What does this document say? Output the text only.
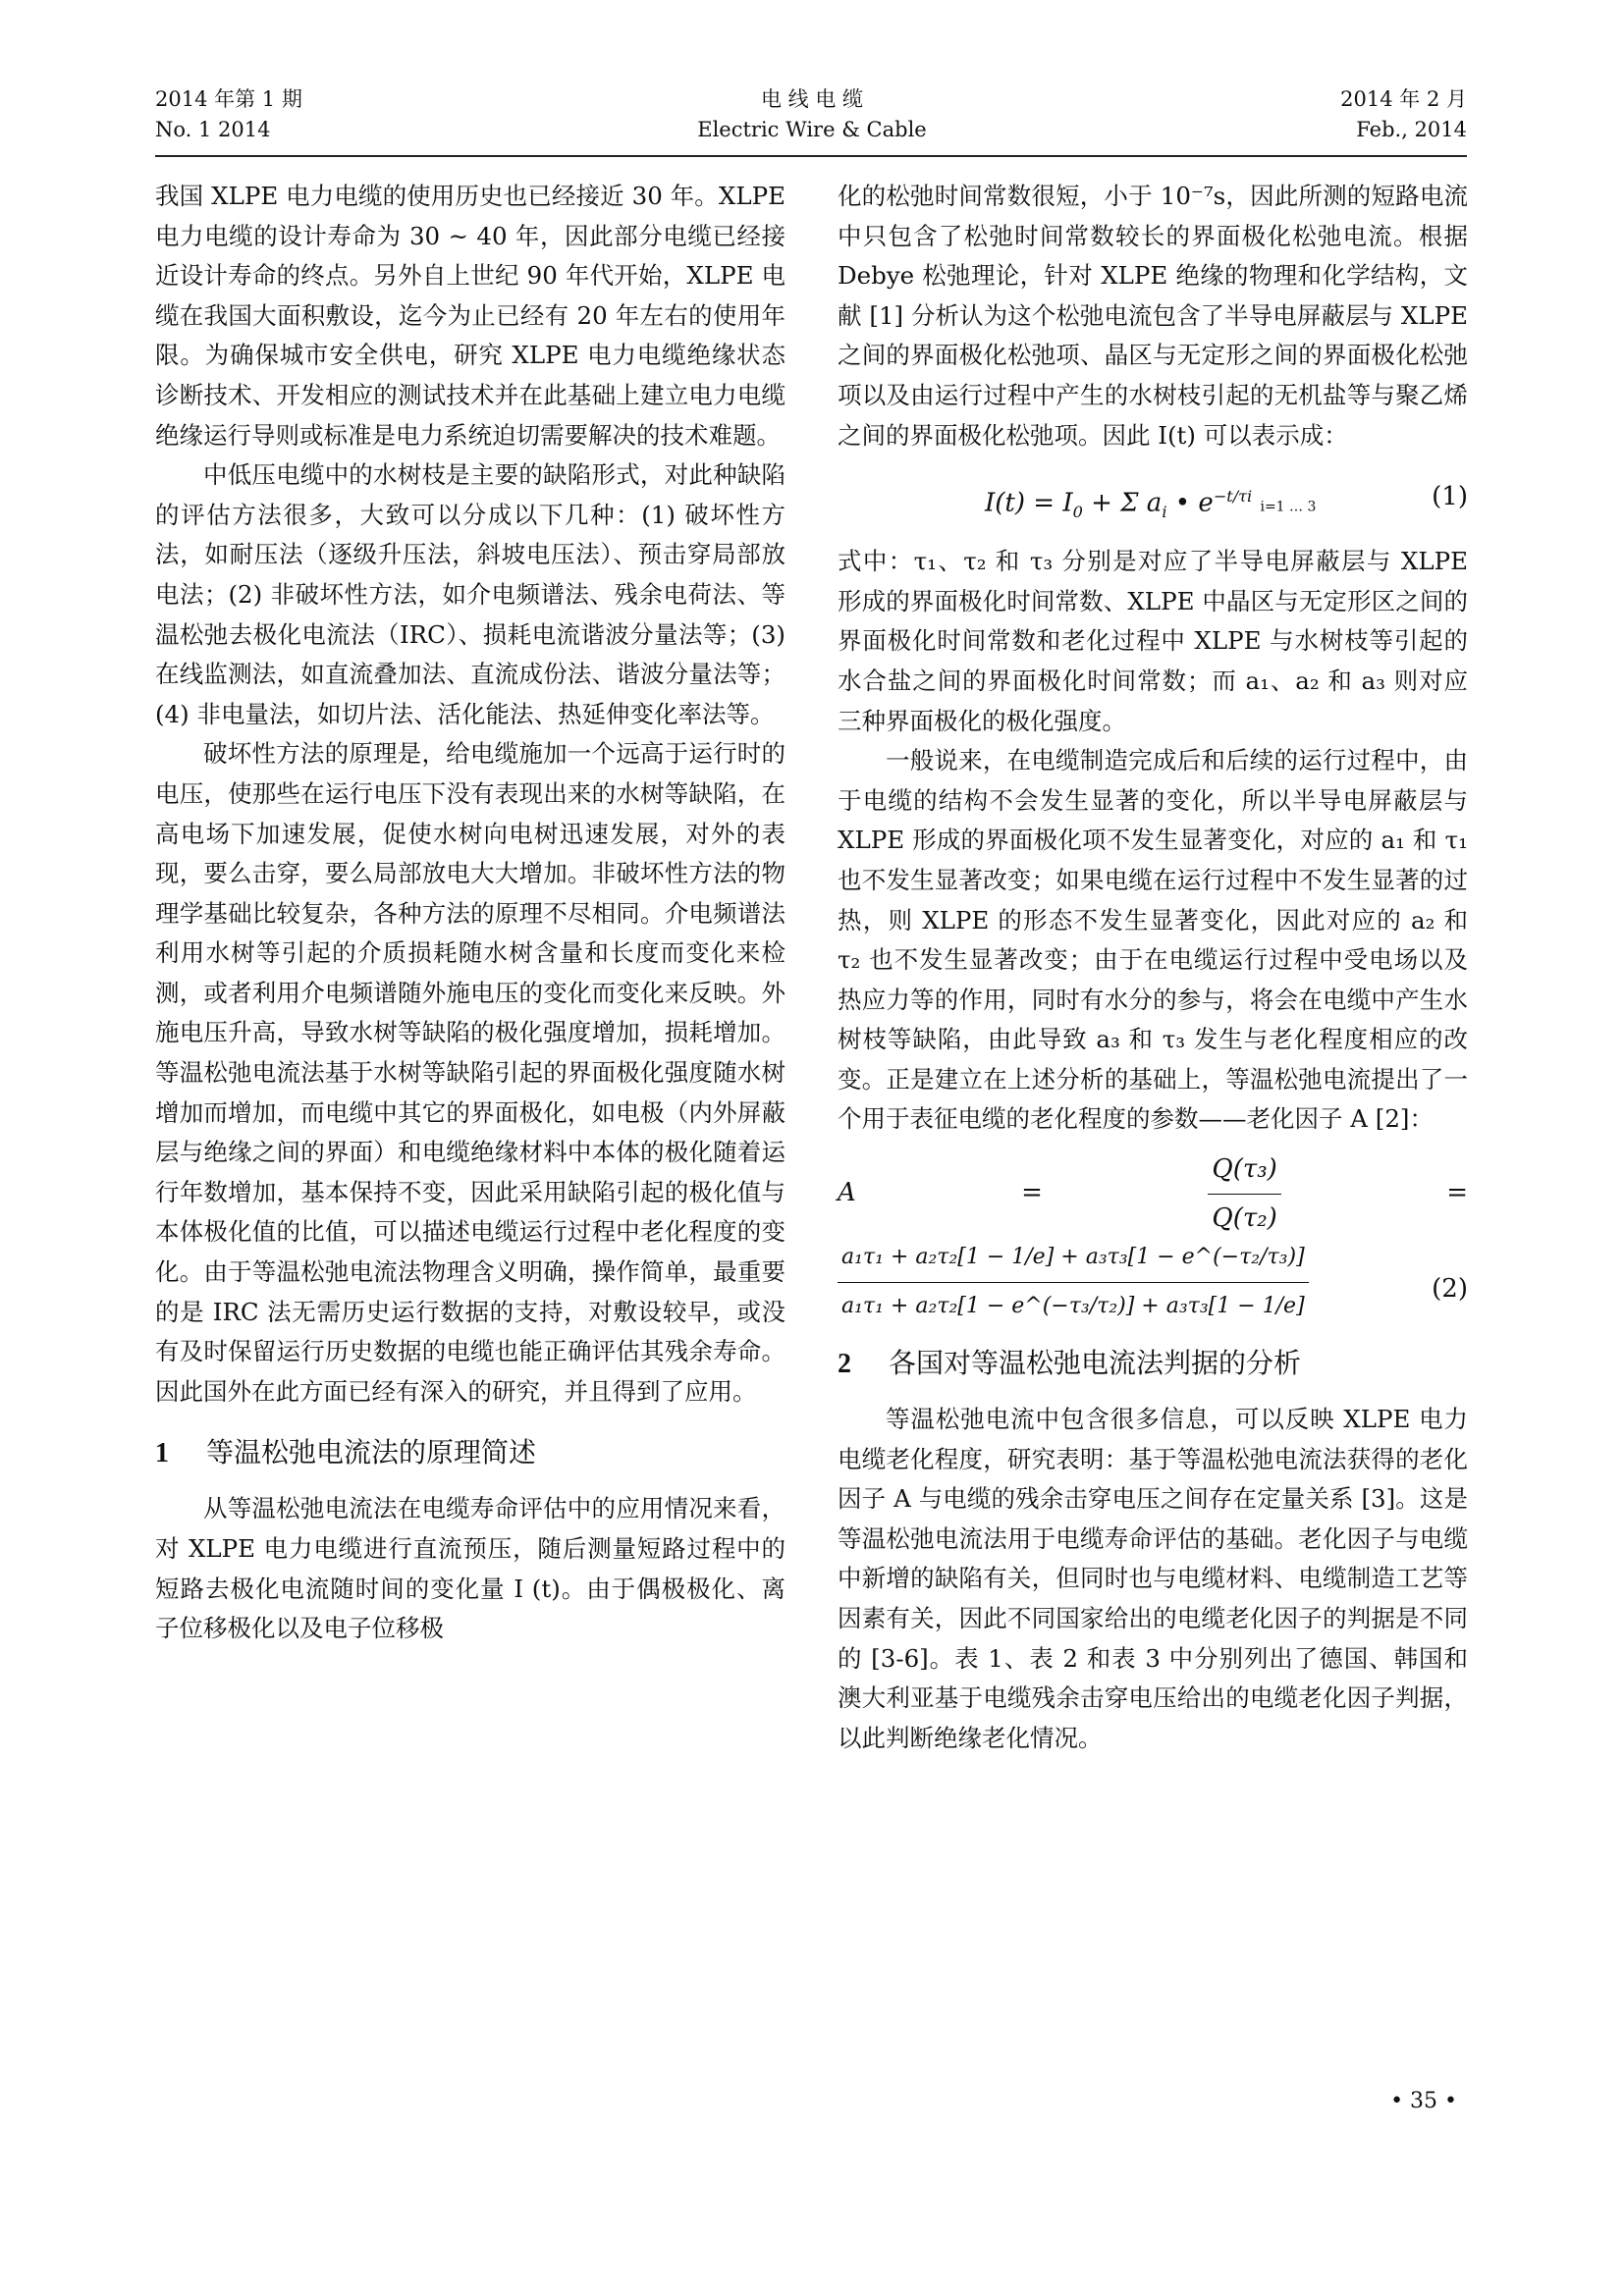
2014 年第 1 期
No. 1 2014
电 线 电 缆
Electric Wire & Cable
2014 年 2 月
Feb., 2014

我国 XLPE 电力电缆的使用历史也已经接近 30 年。XLPE 电力电缆的设计寿命为 30 ~ 40 年，因此部分电缆已经接近设计寿命的终点。另外自上世纪 90 年代开始，XLPE 电缆在我国大面积敷设，迄今为止已经有 20 年左右的使用年限。为确保城市安全供电，研究 XLPE 电力电缆绝缘状态诊断技术、开发相应的测试技术并在此基础上建立电力电缆绝缘运行导则或标准是电力系统迫切需要解决的技术难题。

中低压电缆中的水树枝是主要的缺陷形式，对此种缺陷的评估方法很多，大致可以分成以下几种：(1) 破坏性方法，如耐压法（逐级升压法，斜坡电压法）、预击穿局部放电法；(2) 非破坏性方法，如介电频谱法、残余电荷法、等温松弛去极化电流法（IRC）、损耗电流谐波分量法等；(3) 在线监测法，如直流叠加法、直流成份法、谐波分量法等；(4) 非电量法，如切片法、活化能法、热延伸变化率法等。

破坏性方法的原理是，给电缆施加一个远高于运行时的电压，使那些在运行电压下没有表现出来的水树等缺陷，在高电场下加速发展，促使水树向电树迅速发展，对外的表现，要么击穿，要么局部放电大大增加。非破坏性方法的物理学基础比较复杂，各种方法的原理不尽相同。介电频谱法利用水树等引起的介质损耗随水树含量和长度而变化来检测，或者利用介电频谱随外施电压的变化而变化来反映。外施电压升高，导致水树等缺陷的极化强度增加，损耗增加。等温松弛电流法基于水树等缺陷引起的界面极化强度随水树增加而增加，而电缆中其它的界面极化，如电极（内外屏蔽层与绝缘之间的界面）和电缆绝缘材料中本体的极化随着运行年数增加，基本保持不变，因此采用缺陷引起的极化值与本体极化值的比值，可以描述电缆运行过程中老化程度的变化。由于等温松弛电流法物理含义明确，操作简单，最重要的是 IRC 法无需历史运行数据的支持，对敷设较早，或没有及时保留运行历史数据的电缆也能正确评估其残余寿命。因此国外在此方面已经有深入的研究，并且得到了应用。

1 等温松弛电流法的原理简述

从等温松弛电流法在电缆寿命评估中的应用情况来看，对 XLPE 电力电缆进行直流预压，随后测量短路过程中的短路去极化电流随时间的变化量 I (t)。由于偶极极化、离子位移极化以及电子位移极

化的松弛时间常数很短，小于 10⁻⁷s，因此所测的短路电流中只包含了松弛时间常数较长的界面极化松弛电流。根据 Debye 松弛理论，针对 XLPE 绝缘的物理和化学结构，文献 [1] 分析认为这个松弛电流包含了半导电屏蔽层与 XLPE 之间的界面极化松弛项、晶区与无定形之间的界面极化松弛项以及由运行过程中产生的水树枝引起的无机盐等与聚乙烯之间的界面极化松弛项。因此 I(t) 可以表示成：

$I(t) = I_0 + \Sigma$ $a_i$ • $e^{-t/\tau i}$ i=1 … 3	(1)

式中：τ₁、τ₂ 和 τ₃ 分别是对应了半导电屏蔽层与 XLPE 形成的界面极化时间常数、XLPE 中晶区与无定形区之间的界面极化时间常数和老化过程中 XLPE 与水树枝等引起的水合盐之间的界面极化时间常数；而 a₁、a₂ 和 a₃ 则对应三种界面极化的极化强度。

一般说来，在电缆制造完成后和后续的运行过程中，由于电缆的结构不会发生显著的变化，所以半导电屏蔽层与 XLPE 形成的界面极化项不发生显著变化，对应的 a₁ 和 τ₁ 也不发生显著改变；如果电缆在运行过程中不发生显著的过热，则 XLPE 的形态不发生显著变化，因此对应的 a₂ 和 τ₂ 也不发生显著改变；由于在电缆运行过程中受电场以及热应力等的作用，同时有水分的参与，将会在电缆中产生水树枝等缺陷，由此导致 a₃ 和 τ₃ 发生与老化程度相应的改变。正是建立在上述分析的基础上，等温松弛电流提出了一个用于表征电缆的老化程度的参数——老化因子 A [2]：

A =	$\frac{\text{Q(τ₃)}}{\text{Q(τ₂)}}$	=
$\frac{\text{a₁τ₁ + a₂τ₂[1 − 1/e] + a₃τ₃[1 − e\textasciicircum{}(−τ₂/τ₃)]}}{\text{a₁τ₁ + a₂τ₂[1 − e\textasciicircum{}(−τ₃/τ₂)] + a₃τ₃[1 − 1/e]}}$	(2)
2 各国对等温松弛电流法判据的分析

等温松弛电流中包含很多信息，可以反映 XLPE 电力电缆老化程度，研究表明：基于等温松弛电流法获得的老化因子 A 与电缆的残余击穿电压之间存在定量关系 [3]。这是等温松弛电流法用于电缆寿命评估的基础。老化因子与电缆中新增的缺陷有关，但同时也与电缆材料、电缆制造工艺等因素有关，因此不同国家给出的电缆老化因子的判据是不同的 [3-6]。表 1、表 2 和表 3 中分别列出了德国、韩国和澳大利亚基于电缆残余击穿电压给出的电缆老化因子判据，以此判断绝缘老化情况。

• 35 •
